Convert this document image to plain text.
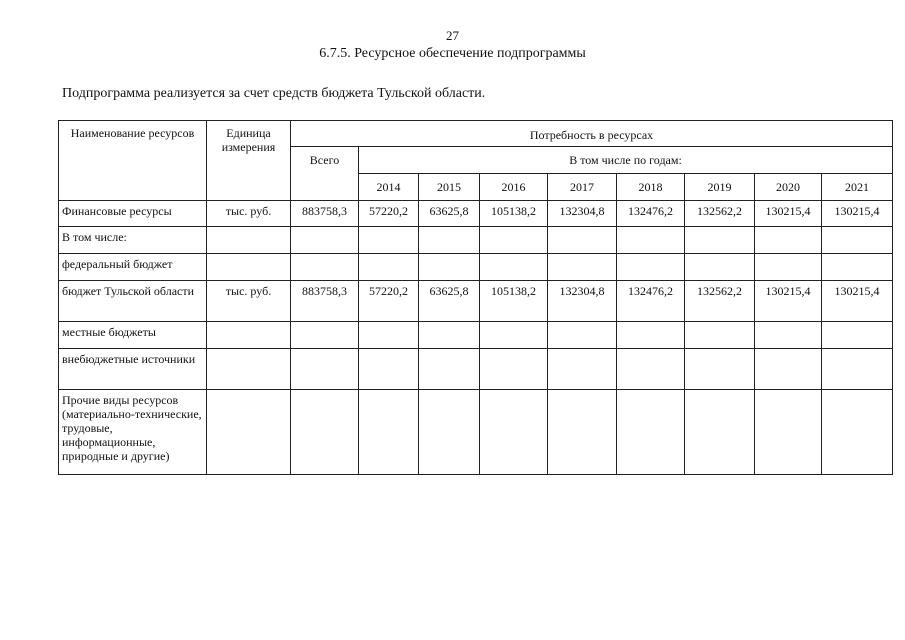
27
6.7.5. Ресурсное обеспечение подпрограммы
Подпрограмма реализуется за счет средств бюджета Тульской области.
Наименование ресурсов	Единица измерения	Потребность в ресурсах								
		Всего	В том числе по годам:							
			2014	2015	2016	2017	2018	2019	2020	2021
Финансовые ресурсы	тыс. руб.	883758,3	57220,2	63625,8	105138,2	132304,8	132476,2	132562,2	130215,4	130215,4
В том числе:										
федеральный бюджет										
бюджет Тульской области	тыс. руб.	883758,3	57220,2	63625,8	105138,2	132304,8	132476,2	132562,2	130215,4	130215,4
местные бюджеты										
внебюджетные источники										
Прочие виды ресурсов (материально-технические, трудовые, информационные, природные и другие)										
